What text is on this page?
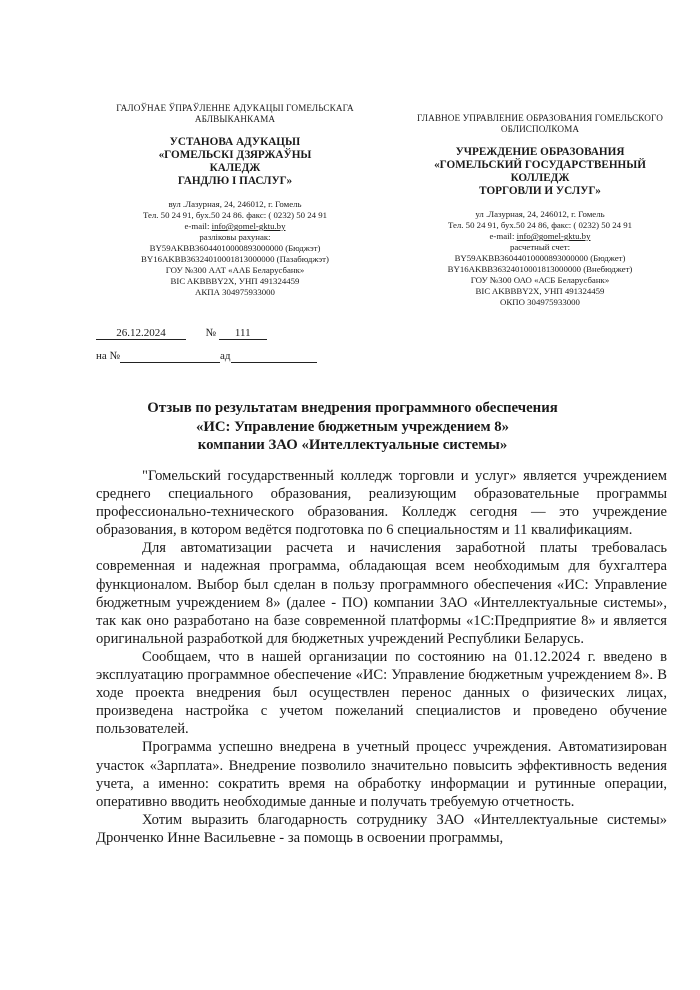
ГАЛОЎНАЕ ЎПРАЎЛЕННЕ АДУКАЦЫІ ГОМЕЛЬСКАГА АБЛВЫКАНКАМА
УСТАНОВА АДУКАЦЫІ
«ГОМЕЛЬСКІ ДЗЯРЖАЎНЫ
КАЛЕДЖ
ГАНДЛЮ І ПАСЛУГ»
вул .Лазурная, 24, 246012, г. Гомель
Тел. 50 24 91, бух.50 24 86. факс: ( 0232) 50 24 91
e-mail: info@gomel-gktu.by
разліковы рахунак:
BY59AKBB36044010000893000000 (Бюджэт)
BY16AKBB36324010001813000000 (Пазабюджэт)
ГОУ №300 ААТ «ААБ Беларусбанк»
BIC AKBBBY2X, УНП 491324459
АКПА 304975933000
ГЛАВНОЕ УПРАВЛЕНИЕ ОБРАЗОВАНИЯ ГОМЕЛЬСКОГО ОБЛИСПОЛКОМА
УЧРЕЖДЕНИЕ ОБРАЗОВАНИЯ
«ГОМЕЛЬСКИЙ ГОСУДАРСТВЕННЫЙ
КОЛЛЕДЖ
ТОРГОВЛИ И УСЛУГ»
ул .Лазурная, 24, 246012, г. Гомель
Тел. 50 24 91, бух.50 24 86, факс: ( 0232) 50 24 91
e-mail: info@gomel-gktu.by
расчетный счет:
BY59AKBB36044010000893000000 (Бюджет)
BY16AKBB36324010001813000000 (Внебюджет)
ГОУ №300 ОАО «АСБ Беларусбанк»
BIC AKBBBY2X, УНП 491324459
ОКПО 304975933000
26.12.2024	№ 111
на №	ад
Отзыв по результатам внедрения программного обеспечения
«ИС: Управление бюджетным учреждением 8»
компании ЗАО «Интеллектуальные системы»

"Гомельский государственный колледж торговли и услуг» является учреждением среднего специального образования, реализующим образовательные программы профессионально-технического образования. Колледж сегодня — это учреждение образования, в котором ведётся подготовка по 6 специальностям и 11 квалификациям.

Для автоматизации расчета и начисления заработной платы требовалась современная и надежная программа, обладающая всем необходимым для бухгалтера функционалом. Выбор был сделан в пользу программного обеспечения «ИС: Управление бюджетным учреждением 8» (далее - ПО) компании ЗАО «Интеллектуальные системы», так как оно разработано на базе современной платформы «1С:Предприятие 8» и является оригинальной разработкой для бюджетных учреждений Республики Беларусь.

Сообщаем, что в нашей организации по состоянию на 01.12.2024 г. введено в эксплуатацию программное обеспечение «ИС: Управление бюджетным учреждением 8». В ходе проекта внедрения был осуществлен перенос данных о физических лицах, произведена настройка с учетом пожеланий специалистов и проведено обучение пользователей.

Программа успешно внедрена в учетный процесс учреждения. Автоматизирован участок «Зарплата». Внедрение позволило значительно повысить эффективность ведения учета, а именно: сократить время на обработку информации и рутинные операции, оперативно вводить необходимые данные и получать требуемую отчетность.

Хотим выразить благодарность сотруднику ЗАО «Интеллектуальные системы» Дронченко Инне Васильевне - за помощь в освоении программы,
